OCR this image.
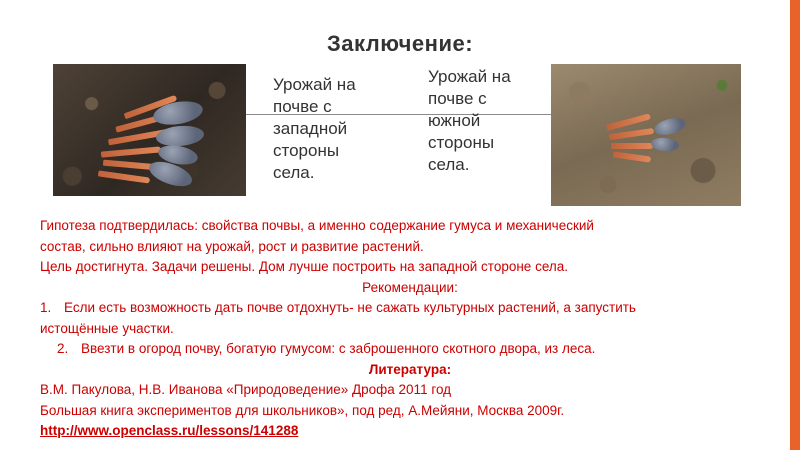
Заключение:
Урожай на почве с западной стороны села.
Урожай на почве с южной стороны села.
Гипотеза подтвердилась: свойства почвы, а именно содержание гумуса и механический
состав, сильно влияют на урожай, рост и развитие растений.
Цель достигнута. Задачи решены. Дом лучше построить на западной стороне села.
Рекомендации:
1. Если есть возможность дать почве отдохнуть- не сажать культурных растений, а запустить
истощённые участки.
2. Ввезти в огород почву, богатую гумусом: с заброшенного скотного двора, из леса.
Литература:
В.М. Пакулова, Н.В. Иванова «Природоведение» Дрофа 2011 год
Большая книга экспериментов для школьников», под ред, А.Мейяни, Москва 2009г.
http://www.openclass.ru/lessons/141288
